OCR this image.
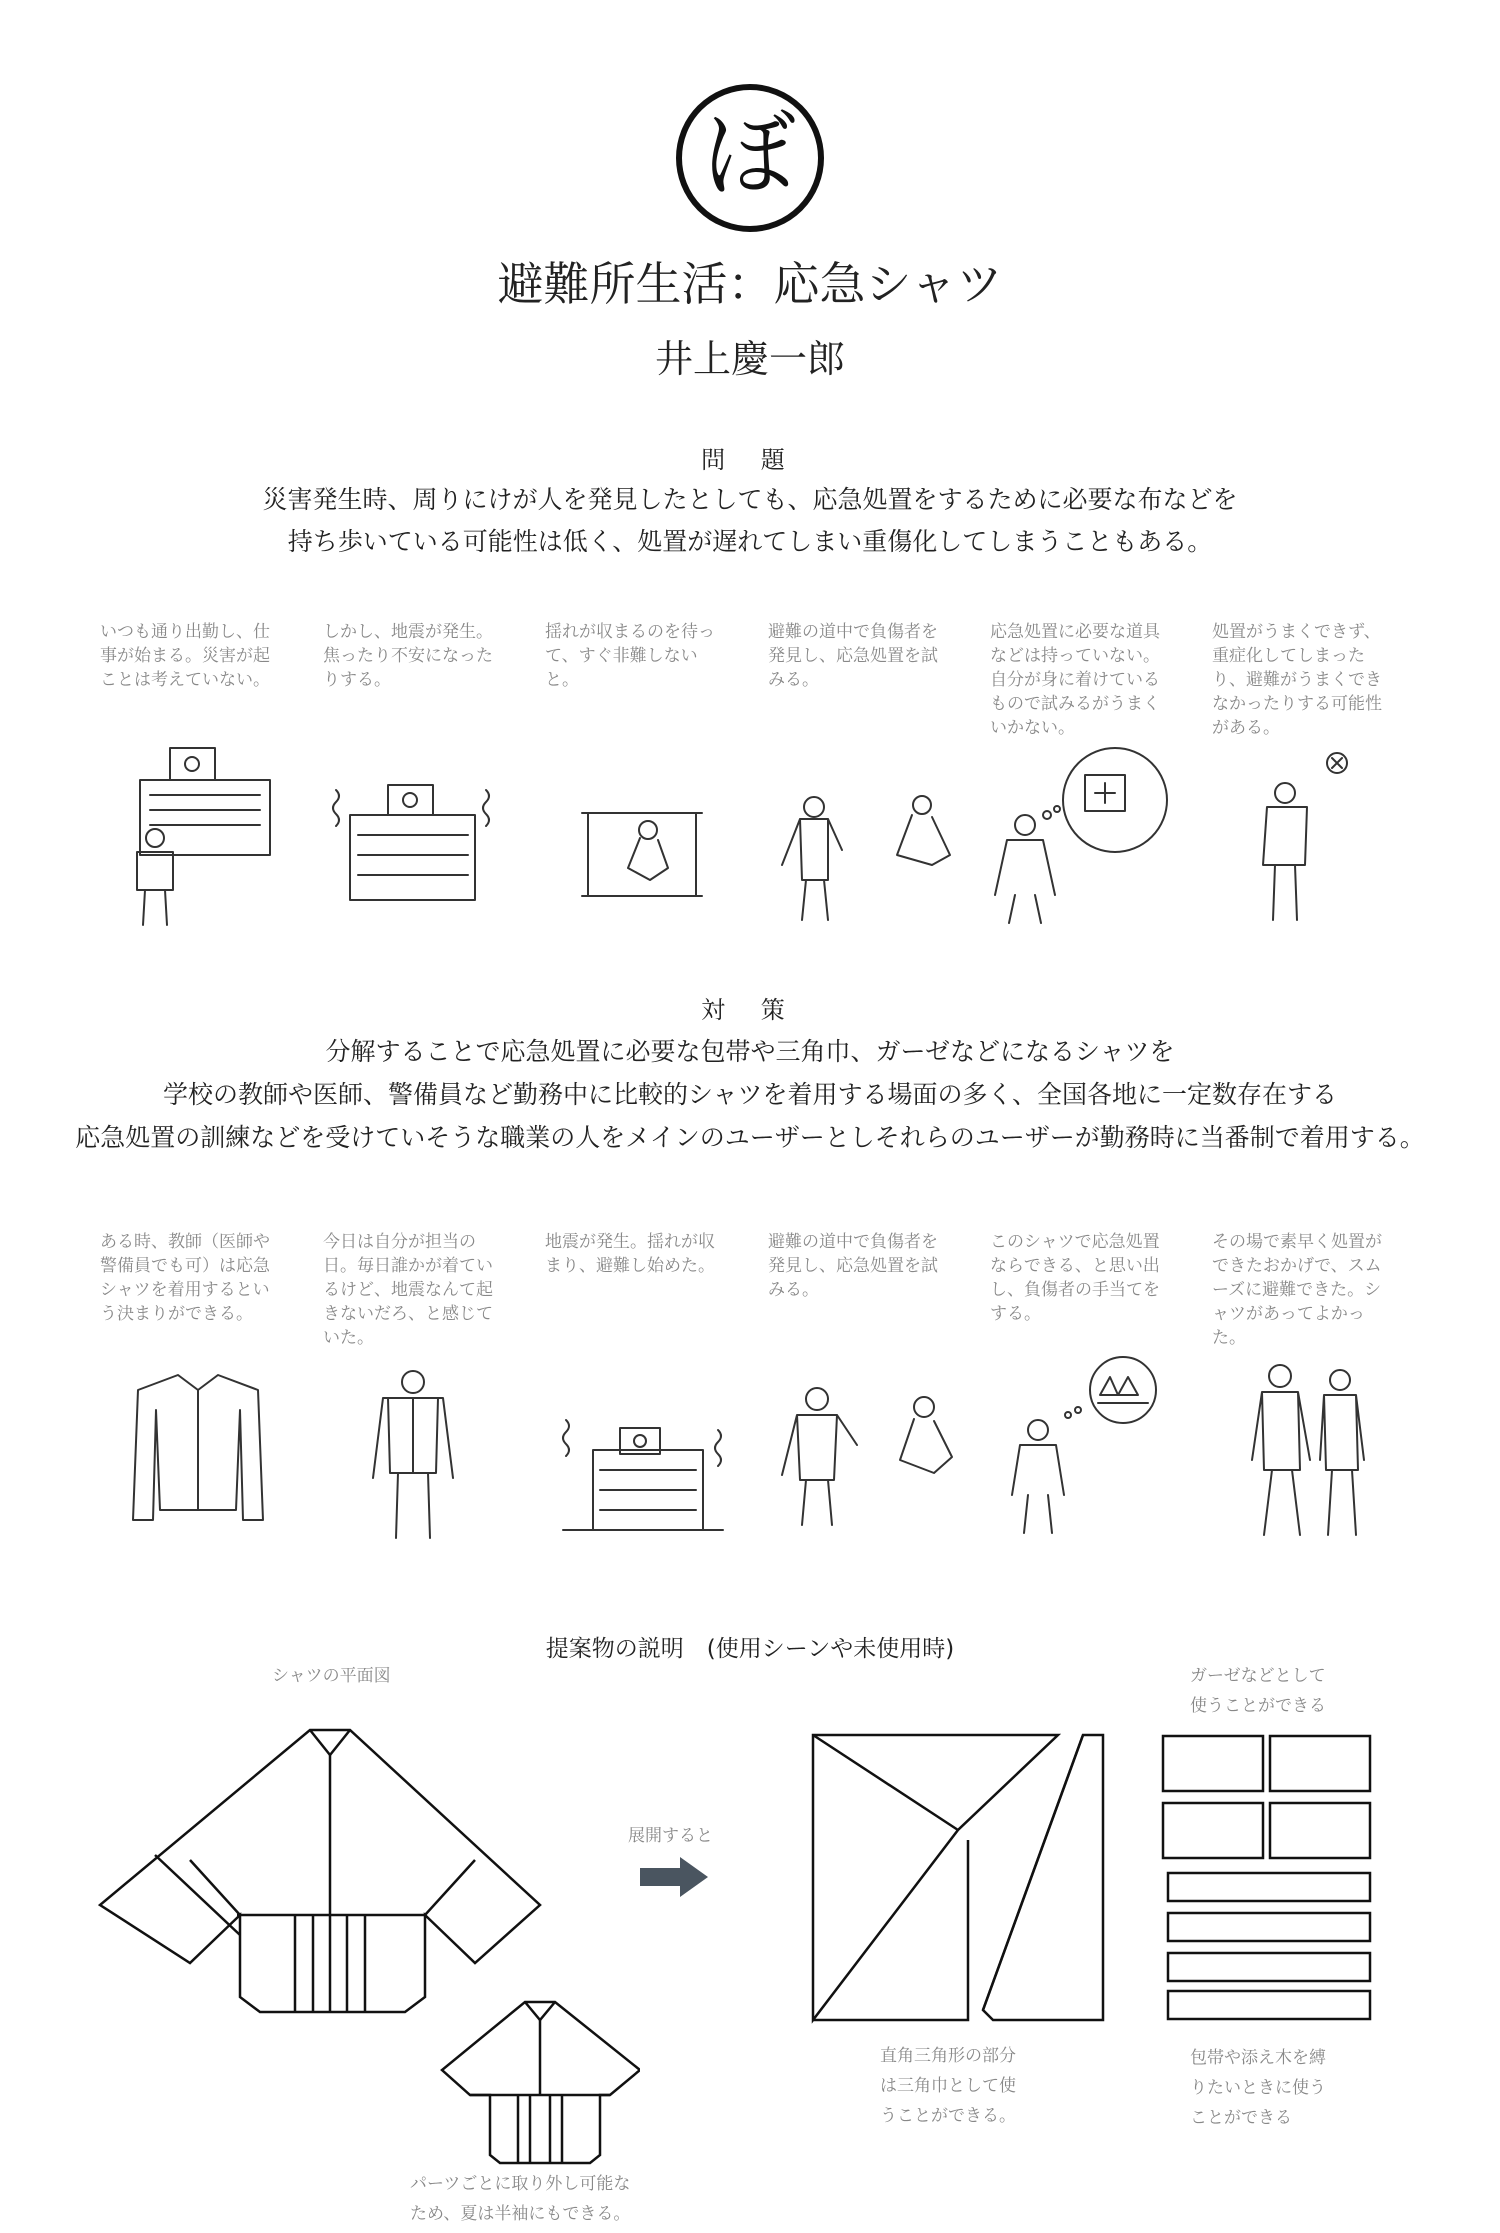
ぼ
避難所生活：応急シャツ
井上慶一郎
問 題
災害発生時、周りにけが人を発見したとしても、応急処置をするために必要な布などを
持ち歩いている可能性は低く、処置が遅れてしまい重傷化してしまうこともある。
いつも通り出勤し、仕事が始まる。災害が起ことは考えていない。
しかし、地震が発生。焦ったり不安になったりする。
揺れが収まるのを待って、すぐ非難しないと。
避難の道中で負傷者を発見し、応急処置を試みる。
応急処置に必要な道具などは持っていない。自分が身に着けているもので試みるがうまくいかない。
処置がうまくできず、重症化してしまったり、避難がうまくできなかったりする可能性がある。
対 策
分解することで応急処置に必要な包帯や三角巾、ガーゼなどになるシャツを
学校の教師や医師、警備員など勤務中に比較的シャツを着用する場面の多く、全国各地に一定数存在する
応急処置の訓練などを受けていそうな職業の人をメインのユーザーとしそれらのユーザーが勤務時に当番制で着用する。
ある時、教師（医師や警備員でも可）は応急シャツを着用するという決まりができる。
今日は自分が担当の日。毎日誰かが着ているけど、地震なんて起きないだろ、と感じていた。
地震が発生。揺れが収まり、避難し始めた。
避難の道中で負傷者を発見し、応急処置を試みる。
このシャツで応急処置ならできる、と思い出し、負傷者の手当てをする。
その場で素早く処置ができたおかげで、スムーズに避難できた。シャツがあってよかった。
提案物の説明　(使用シーンや未使用時)
シャツの平面図
パーツごとに取り外し可能な
ため、夏は半袖にもできる。
展開すると
直角三角形の部分
は三角巾として使
うことができる。
ガーゼなどとして
使うことができる
包帯や添え木を縛
りたいときに使う
ことができる
